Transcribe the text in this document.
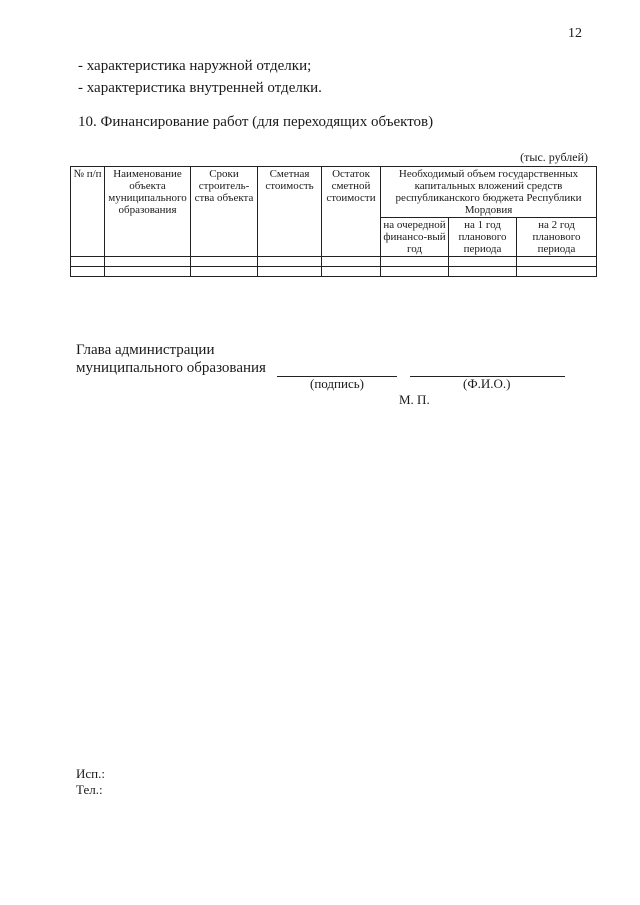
12
- характеристика наружной отделки;
- характеристика внутренней отделки.
10. Финансирование работ (для переходящих объектов)
(тыс. рублей)
№ п/п	Наименование объекта муниципального образования	Сроки строитель-ства объекта	Сметная стоимость	Остаток сметной стоимости	Необходимый объем государственных капитальных вложений средств республиканского бюджета Республики Мордовия		
					на очередной финансо-вый год	на 1 год планового периода	на 2 год планового периода

Глава администрации
муниципального образования
(подпись)	(Ф.И.О.)
М. П.
Исп.:
Тел.:
